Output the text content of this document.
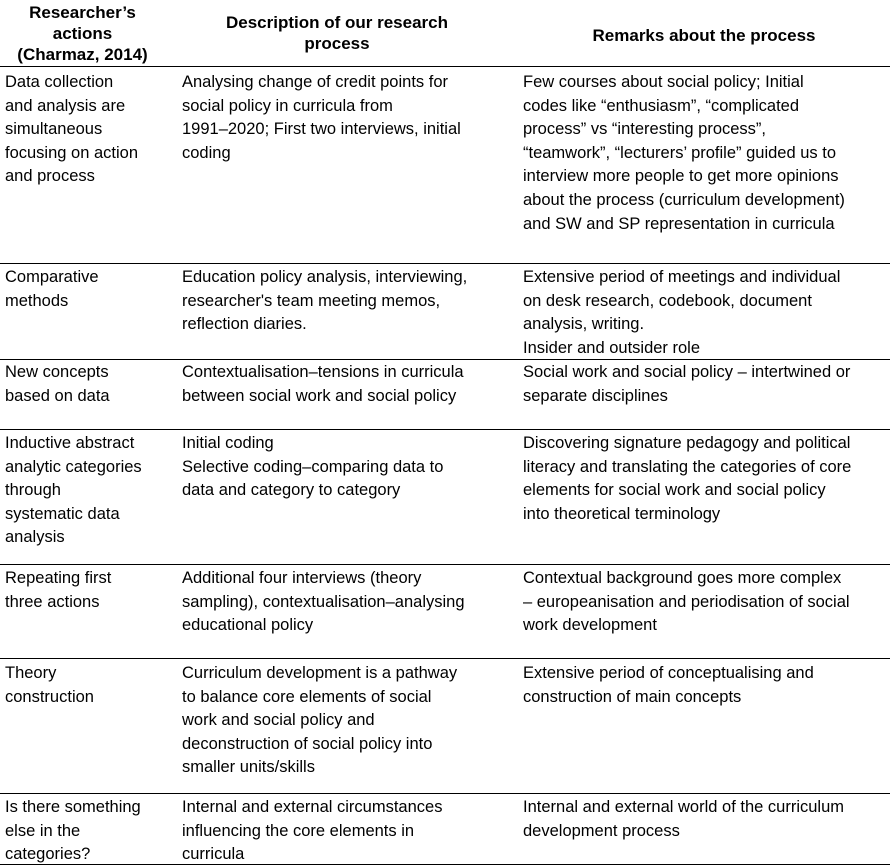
Researcher’s
actions
(Charmaz, 2014)
Description of our research
process	Remarks about the process
Data collection
and analysis are
simultaneous
focusing on action
and process
Analysing change of credit points for
social policy in curricula from
1991–2020; First two interviews, initial
coding
Few courses about social policy; Initial
codes like “enthusiasm”, “complicated
process” vs “interesting process”,
“teamwork”, “lecturers’ profile” guided us to
interview more people to get more opinions
about the process (curriculum development)
and SW and SP representation in curricula
Comparative
methods
Education policy analysis, interviewing,
researcher's team meeting memos,
reflection diaries.
Extensive period of meetings and individual
on desk research, codebook, document
analysis, writing.
Insider and outsider role
New concepts
based on data
Contextualisation–tensions in curricula
between social work and social policy
Social work and social policy – intertwined or
separate disciplines
Inductive abstract
analytic categories
through
systematic data
analysis
Initial coding
Selective coding–comparing data to
data and category to category
Discovering signature pedagogy and political
literacy and translating the categories of core
elements for social work and social policy
into theoretical terminology
Repeating first
three actions
Additional four interviews (theory
sampling), contextualisation–analysing
educational policy
Contextual background goes more complex
– europeanisation and periodisation of social
work development
Theory
construction
Curriculum development is a pathway
to balance core elements of social
work and social policy and
deconstruction of social policy into
smaller units/skills
Extensive period of conceptualising and
construction of main concepts
Is there something
else in the
categories?
Internal and external circumstances
influencing the core elements in
curricula
Internal and external world of the curriculum
development process
